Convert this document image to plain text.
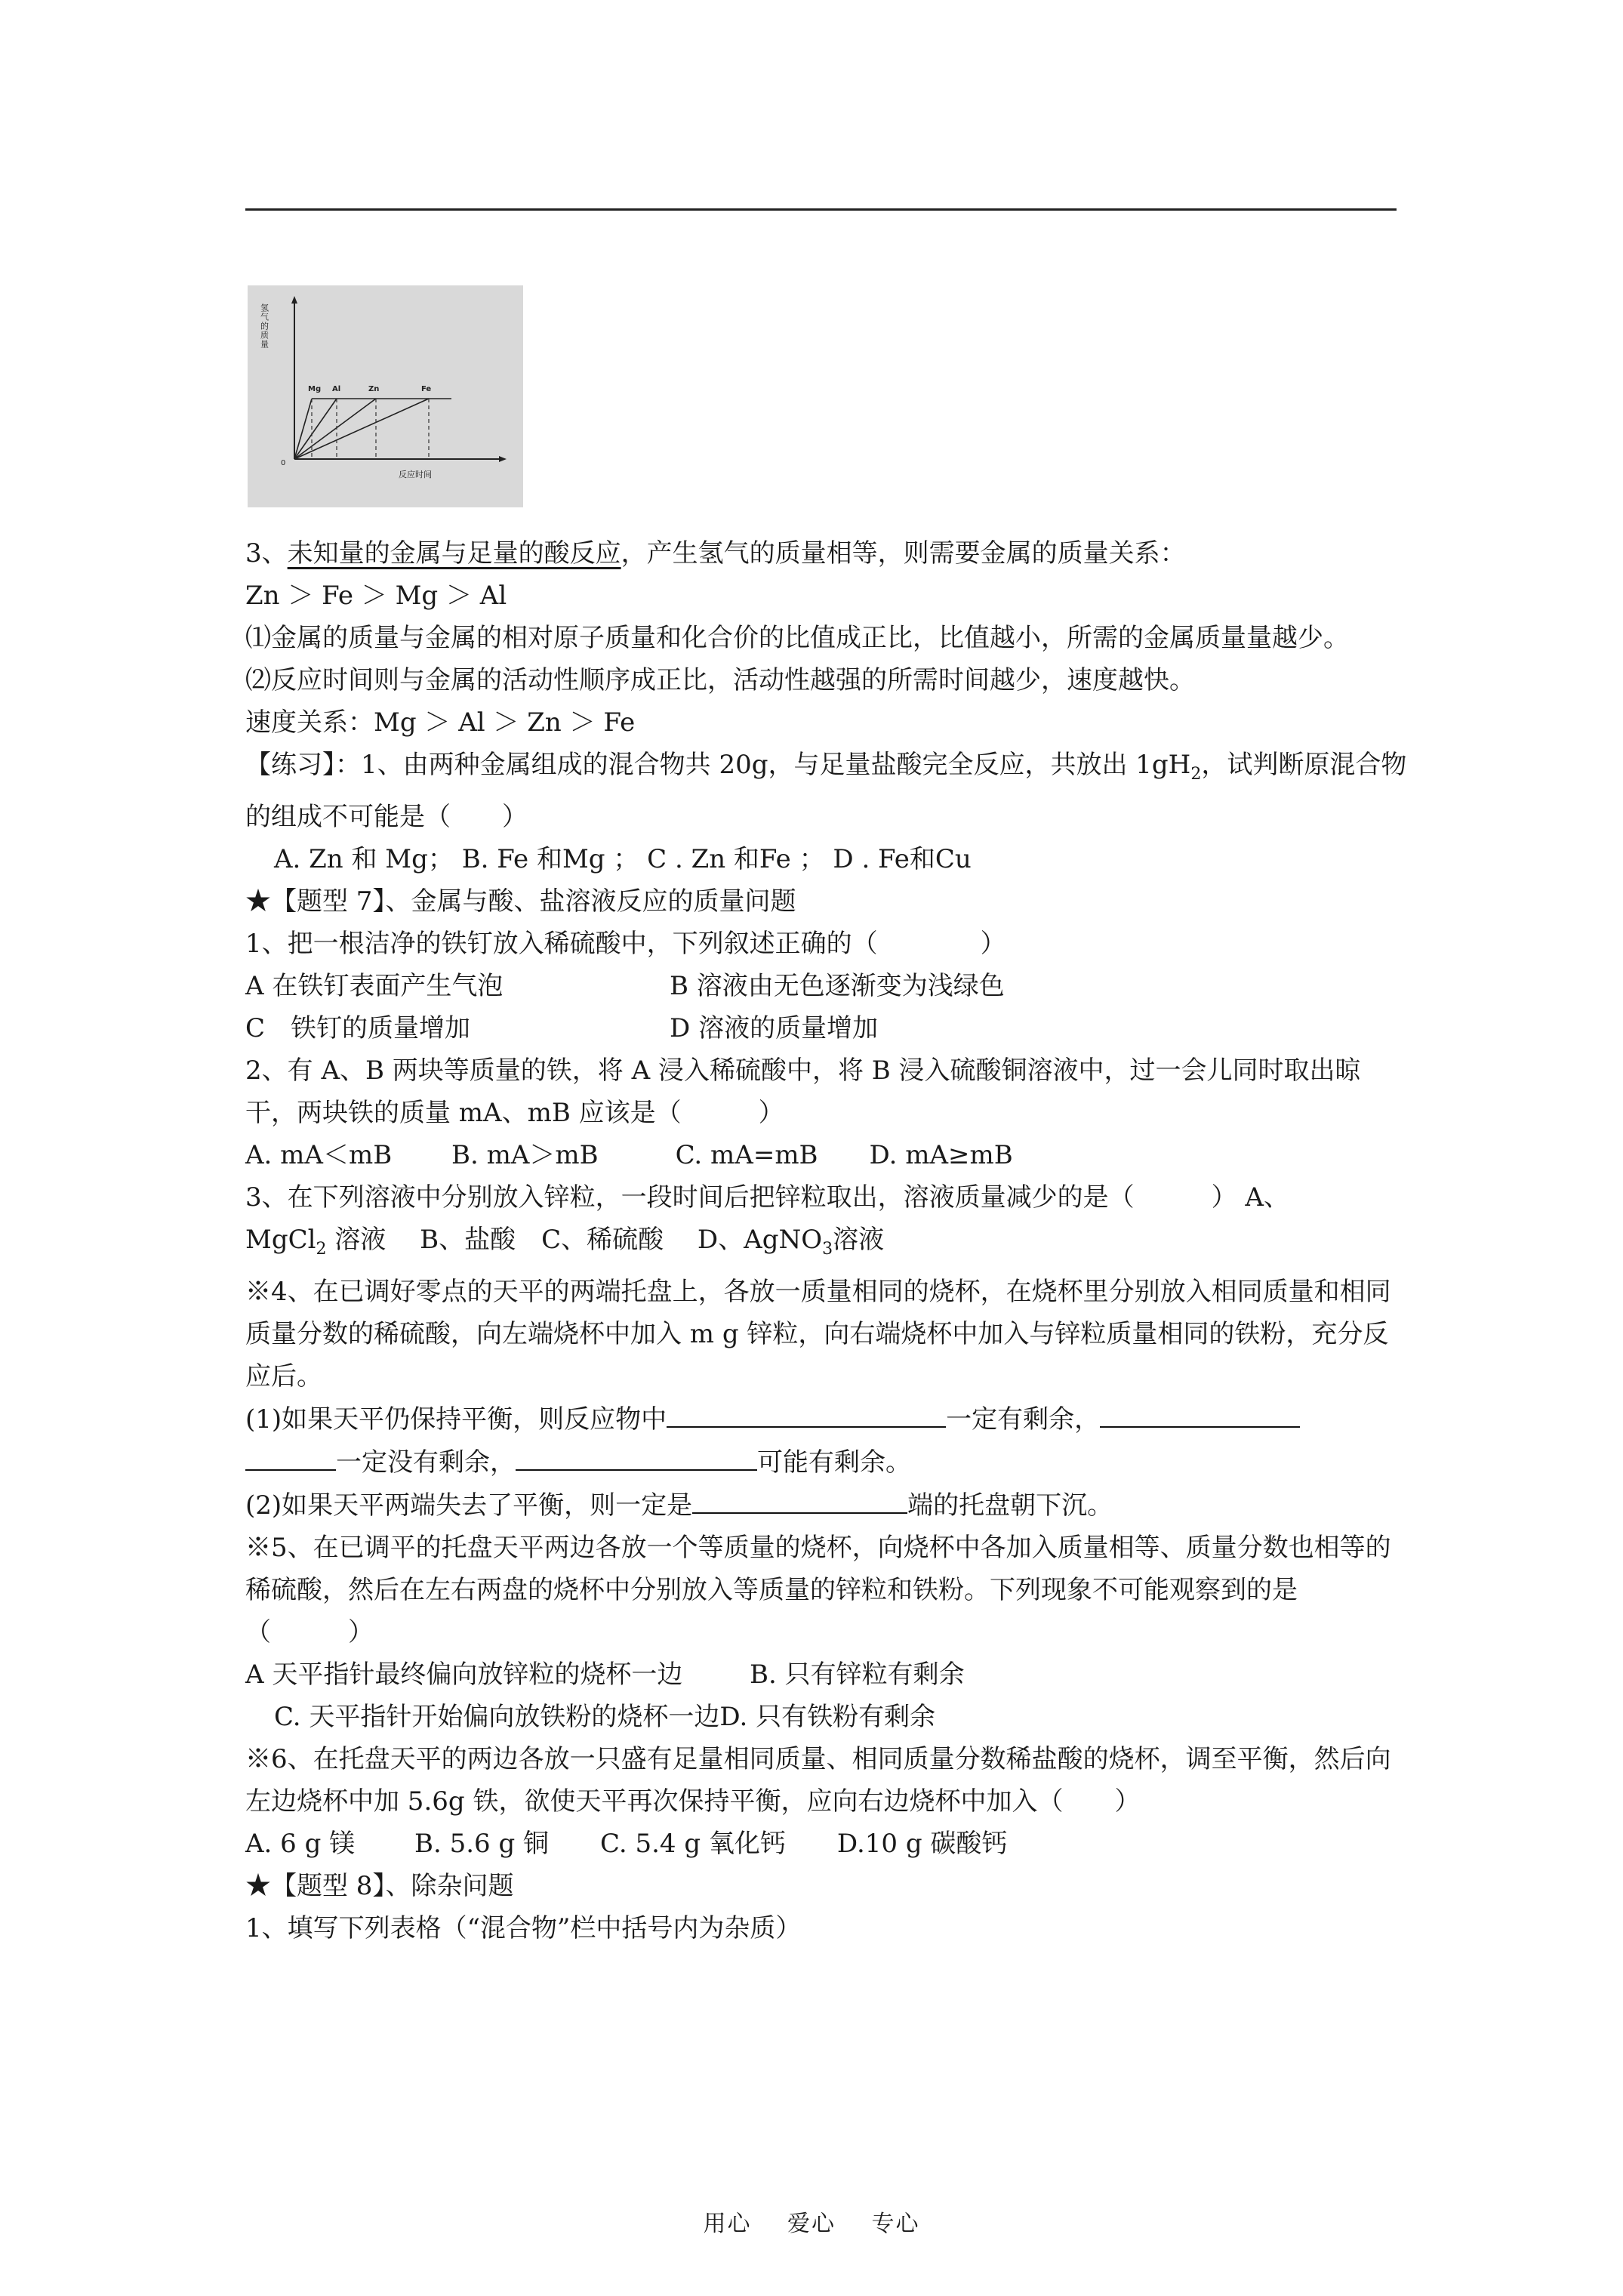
氢气的质量
0
反应时间
Mg Al	Zn	Fe

3、未知量的金属与足量的酸反应，产生氢气的质量相等，则需要金属的质量关系：

Zn ＞ Fe ＞ Mg ＞ Al

⑴金属的质量与金属的相对原子质量和化合价的比值成正比，比值越小，所需的金属质量量越少。

⑵反应时间则与金属的活动性顺序成正比，活动性越强的所需时间越少，速度越快。

速度关系：Mg ＞ Al ＞ Zn ＞ Fe

【练习】：1、由两种金属组成的混合物共 20g，与足量盐酸完全反应，共放出 $1gH_2$，试判断原混合物的组成不可能是（　　）

A. Zn 和 Mg； B. Fe 和Mg ； C . Zn 和Fe ； D . Fe和Cu

★【题型 7】、金属与酸、盐溶液反应的质量问题

1、把一根洁净的铁钉放入稀硫酸中，下列叙述正确的（　　　　）

A 在铁钉表面产生气泡	B 溶液由无色逐渐变为浅绿色

C　铁钉的质量增加	D 溶液的质量增加

2、有 A、B 两块等质量的铁，将 A 浸入稀硫酸中，将 B 浸入硫酸铜溶液中，过一会儿同时取出晾干，两块铁的质量 mA、mB 应该是（　　　）

A. mA＜mB　　 B. mA＞mB　　　C. mA=mB　　D. mA≥mB

3、在下列溶液中分别放入锌粒，一段时间后把锌粒取出，溶液质量减少的是（　　　） A、

MgCl$_2$ 溶液　 B、盐酸　C、稀硫酸　 D、AgNO$_3$溶液

※4、在已调好零点的天平的两端托盘上，各放一质量相同的烧杯，在烧杯里分别放入相同质量和相同质量分数的稀硫酸，向左端烧杯中加入 m g 锌粒，向右端烧杯中加入与锌粒质量相同的铁粉，充分反应后。

(1)如果天平仍保持平衡，则反应物中	一定有剩余，

一定没有剩余，	可能有剩余。

(2)如果天平两端失去了平衡，则一定是	端的托盘朝下沉。

※5、在已调平的托盘天平两边各放一个等质量的烧杯，向烧杯中各加入质量相等、质量分数也相等的稀硫酸，然后在左右两盘的烧杯中分别放入等质量的锌粒和铁粉。下列现象不可能观察到的是（　　　）

A 天平指针最终偏向放锌粒的烧杯一边	B. 只有锌粒有剩余

C. 天平指针开始偏向放铁粉的烧杯一边D. 只有铁粉有剩余

※6、在托盘天平的两边各放一只盛有足量相同质量、相同质量分数稀盐酸的烧杯，调至平衡，然后向左边烧杯中加 5.6g 铁，欲使天平再次保持平衡，应向右边烧杯中加入（　　）

A. 6 g 镁　　 B. 5.6 g 铜　　C. 5.4 g 氧化钙　　D.10 g 碳酸钙

★【题型 8】、除杂问题

1、填写下列表格（“混合物”栏中括号内为杂质）

用心 爱心 专心
